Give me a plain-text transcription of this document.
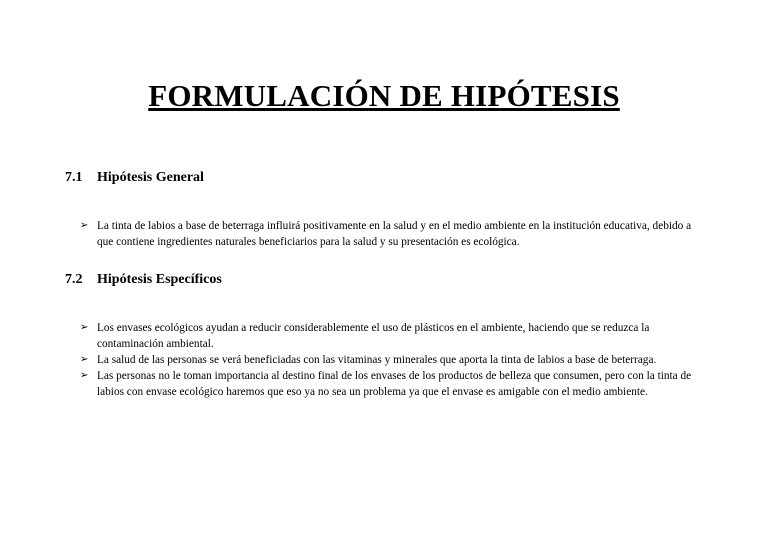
FORMULACIÓN DE HIPÓTESIS
7.1 Hipótesis General
➢ La tinta de labios a base de beterraga influirá positivamente en la salud y en el medio ambiente en la institución educativa, debido a que contiene ingredientes naturales beneficiarios para la salud y su presentación es ecológica.
7.2 Hipótesis Específicos
➢ Los envases ecológicos ayudan a reducir considerablemente el uso de plásticos en el ambiente, haciendo que se reduzca la contaminación ambiental.
➢ La salud de las personas se verá beneficiadas con las vitaminas y minerales que aporta la tinta de labios a base de beterraga.
➢ Las personas no le toman importancia al destino final de los envases de los productos de belleza que consumen, pero con la tinta de labios con envase ecológico haremos que eso ya no sea un problema ya que el envase es amigable con el medio ambiente.
